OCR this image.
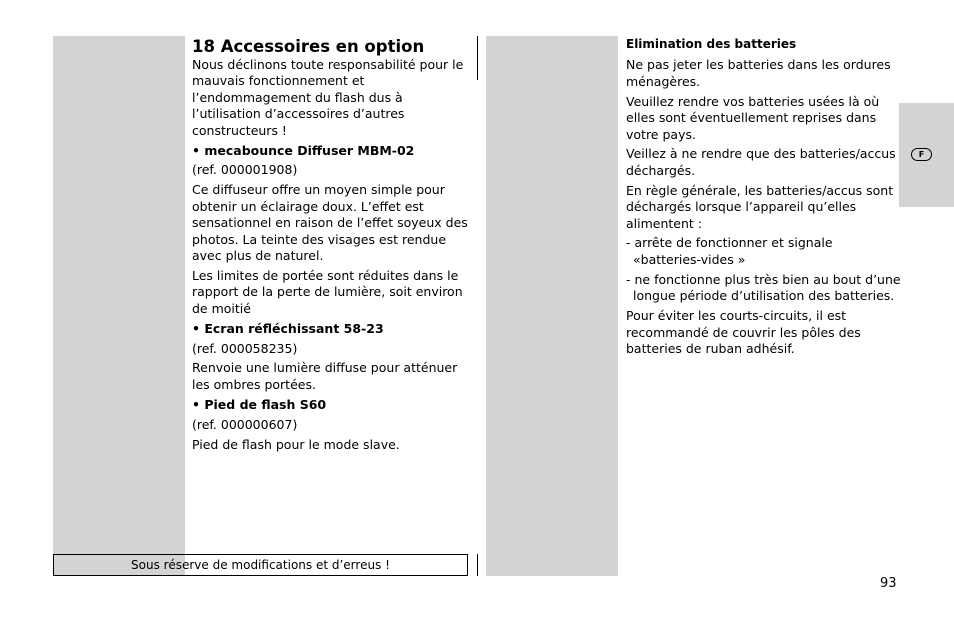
18 Accessoires en option

Nous déclinons toute responsabilité pour le mauvais fonctionnement et l’endommagement du flash dus à l’utilisation d’accessoires d’autres constructeurs !

• mecabounce Diffuser MBM-02

(ref. 000001908)

Ce diffuseur offre un moyen simple pour obtenir un éclairage doux. L’effet est sensationnel en raison de l’effet soyeux des photos. La teinte des visages est rendue avec plus de naturel.

Les limites de portée sont réduites dans le rapport de la perte de lumière, soit environ de moitié

• Ecran réfléchissant 58-23

(ref. 000058235)

Renvoie une lumière diffuse pour atténuer les ombres portées.

• Pied de flash S60

(ref. 000000607)

Pied de flash pour le mode slave.

Sous réserve de modifications et d’erreus !

Elimination des batteries

Ne pas jeter les batteries dans les ordures ménagères.

Veuillez rendre vos batteries usées là où elles sont éventuellement reprises dans votre pays.

Veillez à ne rendre que des batteries/accus déchargés.

En règle générale, les batteries/accus sont déchargés lorsque l’appareil qu’elles alimentent :

- arrête de fonctionner et signale «batteries-vides »

- ne fonctionne plus très bien au bout d’une longue période d’utilisation des batteries.

Pour éviter les courts-circuits, il est recommandé de couvrir les pôles des batteries de ruban adhésif.

F
93
